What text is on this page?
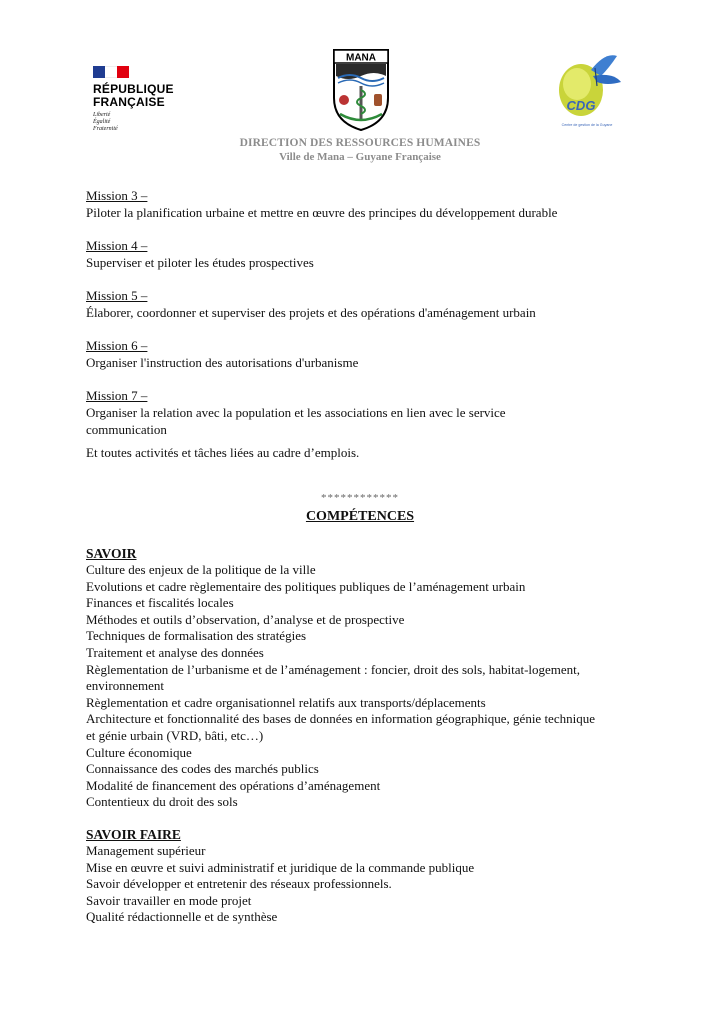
RÉPUBLIQUE
FRANÇAISE
Liberté
Égalité
Fraternité
MANA
CDG
Centre de gestion de la Guyane
DIRECTION DES RESSOURCES HUMAINES
Ville de Mana – Guyane Française
Mission 3 –
Piloter la planification urbaine et mettre en œuvre des principes du développement durable
Mission 4 –
Superviser et piloter les études prospectives
Mission 5 –
Élaborer, coordonner et superviser des projets et des opérations d'aménagement urbain
Mission 6 –
Organiser l'instruction des autorisations d'urbanisme
Mission 7 –
Organiser la relation avec la population et les associations en lien avec le service communication
Et toutes activités et tâches liées au cadre d’emplois.
************
COMPÉTENCES
SAVOIR
Culture des enjeux de la politique de la ville
Evolutions et cadre règlementaire des politiques publiques de l’aménagement urbain
Finances et fiscalités locales
Méthodes et outils d’observation, d’analyse et de prospective
Techniques de formalisation des stratégies
Traitement et analyse des données
Règlementation de l’urbanisme et de l’aménagement : foncier, droit des sols, habitat-logement, environnement
Règlementation et cadre organisationnel relatifs aux transports/déplacements
Architecture et fonctionnalité des bases de données en information géographique, génie technique et génie urbain (VRD, bâti, etc…)
Culture économique
Connaissance des codes des marchés publics
Modalité de financement des opérations d’aménagement
Contentieux du droit des sols
SAVOIR FAIRE
Management supérieur
Mise en œuvre et suivi administratif et juridique de la commande publique
Savoir développer et entretenir des réseaux professionnels.
Savoir travailler en mode projet
Qualité rédactionnelle et de synthèse
